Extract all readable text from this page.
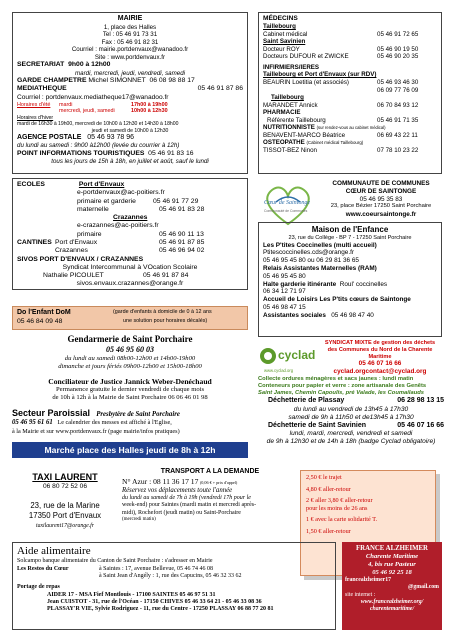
MAIRIE
1, place des Halles
Tel : 05 46 91 73 31
Fax : 05 46 91 82 31
Courriel : mairie.portdenvaux@wanadoo.fr
Site : www.portdenvaux.fr
SECRETARIAT 9h00 à 12h00
mardi, mercredi, jeudi, vendredi, samedi
GARDE CHAMPETRE Michel SIMONNET 06 08 98 88 17
MEDIATHEQUE	05 46 91 87 86
Courriel : portdenvaux.mediatheque17@wanadoo.fr
Horaires d'été	mardi	17h00 à 19h00
mercredi, jeudi, samedi	10h00 à 12h30
Horaires d'hiver
mardi de 16h30 à 19h00, mercredi de 10h00 à 12h30 et 14h30 à 18h00
jeudi et samedi de 10h00 à 12h30
AGENCE POSTALE 05 46 93 78 96
du lundi au samedi : 9h00 à12h00 (levée du courrier à 12h)
POINT INFORMATIONS TOURISTIQUES 05 46 91 83 16
tous les jours de 15h à 18h, en juillet et août, sauf le lundi
MÉDECINS
Taillebourg
Cabinet médical	05 46 91 72 65
Saint Savinien
Docteur ROY	05 46 90 19 50
Docteurs DUFOUR et ZWICKE	05 46 90 20 35
INFIRMIERS/IERES
Taillebourg et Port d'Envaux (sur RDV)
BEAURIN Loetitia (et associés)	05 46 93 46 30
06 09 77 76 09
Taillebourg
MARANDET Annick	06 70 84 93 12
PHARMACIE
Référente Taillebourg	05 46 91 71 35
NUTRITIONNISTE (sur rendez-vous au cabinet médical)
BENAVENT-MARCO Béatrice	06 69 43 22 11
OSTEOPATHE (Cabinet médical Taillebourg)
TISSOT-BEZ Ninon	07 78 10 23 22
ECOLES	Port d'Envaux
e-portdenvaux@ac-poitiers.fr
primaire et garderie	05 46 91 77 29
maternelle	05 46 91 83 28
Crazannes
e-crazannes@ac-poitiers.fr
primaire	05 46 90 11 13
CANTINES Port d'Envaux	05 46 91 87 85
Crazannes	05 46 96 94 02
SIVOS PORT D'ENVAUX / CRAZANNES
Syndicat Intercommunal à VOcation Scolaire
Nathalie PICOULET	05 46 91 87 84
sivos.envaux.crazannes@orange.fr
Cœur de Saintonge
Communauté de Communes
COMMUNAUTE DE COMMUNES
CŒUR DE SAINTONGE
05 46 95 35 83
23, place Bézier 17250 Saint Porchaire
www.coeursaintonge.fr
Maison de l'Enfance
23, rue du Collège - BP 7 - 17250 Saint Porchaire
Les P'tites Coccinelles (multi accueil)
Ptitescoccinelles.cds@orange.fr
05 46 95 45 80 ou 06 29 81 36 65
Relais Assistantes Maternelles (RAM)
05 46 95 45 80
Halte garderie itinérante Roul' coccinelles
06 34 12 71 97
Accueil de Loisirs Les P'tits cœurs de Saintonge
05 46 98 47 15
Assistantes sociales 05 46 98 47 40
Do l'Enfant DoM	(garde d'enfants à domicile de 0 à 12 ans
05 46 84 09 48	une solution pour horaires décalés)
Gendarmerie de Saint Porchaire
05 46 95 60 03
du lundi au samedi 08h00-12h00 et 14h00-19h00
dimanche et jours fériés 09h00-12h00 et 15h00-18h00
Conciliateur de Justice Jannick Weber-Denéchaud
Permanence gratuite le dernier vendredi de chaque mois
de 10h à 12h à la Mairie de Saint Porchaire 06 06 46 01 98
Secteur Paroissial Presbytère de Saint Porchaire
05 46 95 61 61 Le calendrier des messes est affiché à l'Eglise,
à la Mairie et sur www.portdenvaux.fr (page mairie/infos pratiques)
Marché place des Halles jeudi de 8h à 12h
cyclad
www.cyclad.org
SYNDICAT MIXTE de gestion des déchets
des Communes du Nord de la Charente Maritime
05 46 07 16 66
cyclad.orgcontact@cyclad.org
Collecte ordures ménagères et sacs jaunes : lundi matin
Conteneurs pour papier et verre : zone artisanale des Genêts
Saint James, Chemin Capoulis, pré Valade, les Coumailauds
Déchetterie de Plassay	06 28 98 13 15
du lundi au vendredi de 13h45 à 17h30
samedi de 9h à 11h50 et de13h45 à 17h30
Déchetterie de Saint Savinien	05 46 07 16 66
lundi, mardi, mercredi, vendredi et samedi
de 9h à 12h30 et de 14h à 18h (badge Cyclad obligatoire)
TAXI LAURENT
06 80 72 52 06
23, rue de la Marine
17350 Port d'Envaux
taxilaurent17@orange.fr
TRANSPORT A LA DEMANDE
N° Azur : 08 11 36 17 17 (0,06 € + prix d'appel)
Réservez vos déplacements toute l'année
du lundi au samedi de 7h à 19h (vendredi 17h pour le
week-end) pour Saintes (mardi matin et mercredi après-
midi), Rochefort (jeudi matin) ou Saint-Porchaire
(mercredi matin)
2,50 € le trajet
4,80 € aller-retour
2 € aller 3,80 € aller-retour
pour les moins de 26 ans
1 € avec la carte solidarité T.
1,50 € aller-retour
Aide alimentaire
Solcampo banque alimentaire du Canton de Saint Porchaire : s'adresser en Mairie
Les Restos du Cœur	à Saintes : 17, avenue Bellevue, 05 46 74 46 08
à Saint Jean d'Angély : 1, rue des Capucins, 05 46 32 33 62
Portage de repas
AIDER 17 - MSA Fief Montlouis - 17100 SAINTES 05 46 97 51 31
Jean CUISTOT - 31, rue de l'Océan - 17150 CHIVES 05 46 33 64 21 - 05 46 33 08 36
PLASSAY'R VIE, Sylvie Rodriguez - 11, rue du Centre - 17250 PLASSAY 06 88 77 20 81
FRANCE ALZHEIMER
Charente Maritime
4, bis rue Pasteur
05 46 92 25 18
francealzheimer17
@gmail.com
site internet :
www.francealzheimer.org/
charentemaritime/
